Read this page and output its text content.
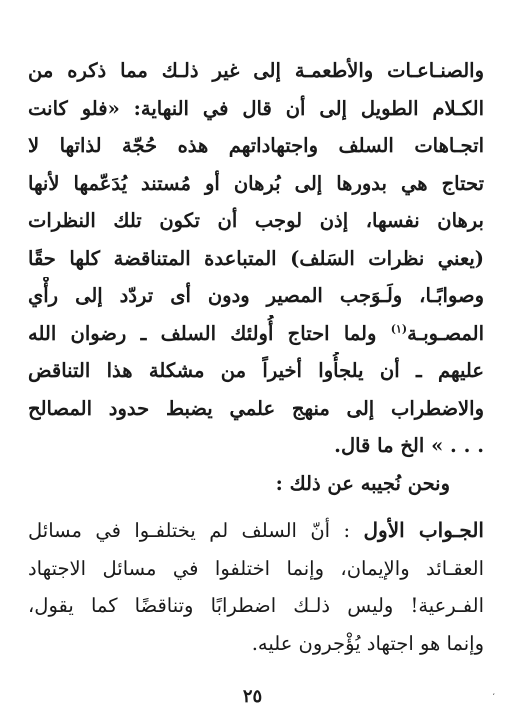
والصنـاعـات والأطعمـة إلى غير ذلـك مما ذكره من
الكـلام الطويل إلى أن قال في النهاية: «فلو كانت
اتجـاهات السلف واجتهاداتهم هذه حُجّة لذاتها لا
تحتاج هي بدورها إلى بُرهان أو مُستند يُدَعّمها لأنها
برهان نفسها، إذن لوجب أن تكون تلك النظرات
(يعني نظرات السَلف) المتباعدة المتناقضة كلها حقًا
وصوابًـا، ولَـوَجب المصير ودون أى تردّد إلى رأْي
المصـوبـة$^{(١)}$ ولما احتاج أُولئك السلف ـ رضوان الله
عليهم ـ أن يلجأُوا أخيراً من مشكلة هذا التناقض
والاضطراب إلى منهج علمي يضبط حدود المصالح
. . . » الخ ما قال.
ونحن نُجيبه عن ذلك :
الجـواب الأول : أنّ السلف لم يختلفـوا في مسائل
العقـائد والإيمان، وإنما اختلفوا في مسائل الاجتهاد
الفـرعية! وليس ذلـك اضطرابًا وتناقضًا كما يقول،
وإنما هو اجتهاد يُؤْجرون عليه.
٢٥	،
